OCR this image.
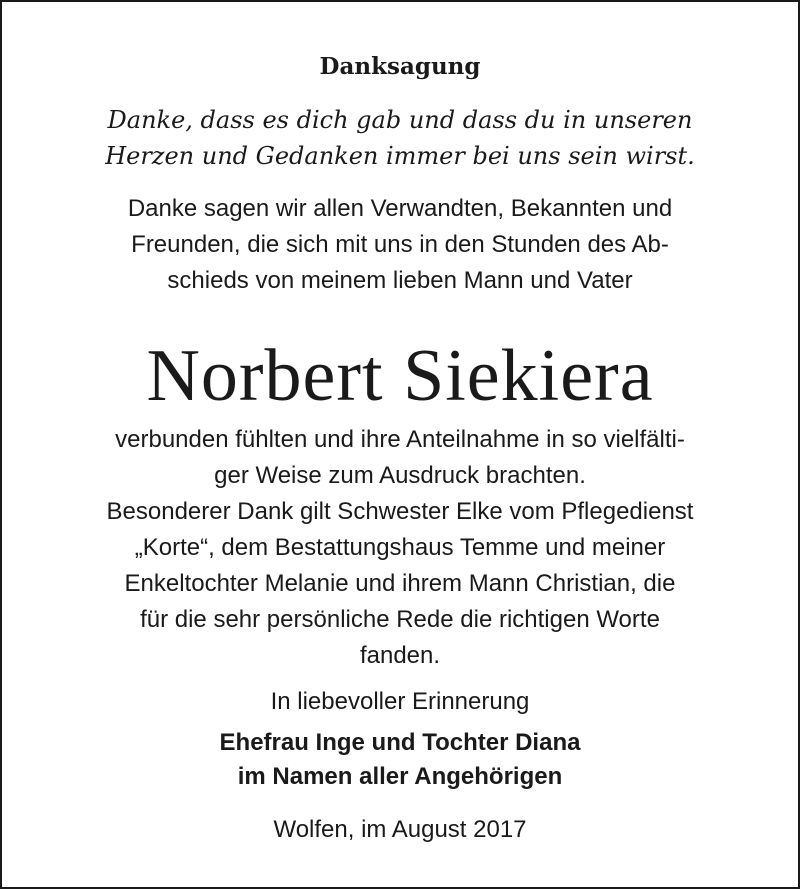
Danksagung
Danke, dass es dich gab und dass du in unseren
Herzen und Gedanken immer bei uns sein wirst.
Danke sagen wir allen Verwandten, Bekannten und
Freunden, die sich mit uns in den Stunden des Ab-
schieds von meinem lieben Mann und Vater
Norbert Siekiera
verbunden fühlten und ihre Anteilnahme in so vielfälti-
ger Weise zum Ausdruck brachten.
Besonderer Dank gilt Schwester Elke vom Pflegedienst
„Korte“, dem Bestattungshaus Temme und meiner
Enkeltochter Melanie und ihrem Mann Christian, die
für die sehr persönliche Rede die richtigen Worte
fanden.
In liebevoller Erinnerung
Ehefrau Inge und Tochter Diana
im Namen aller Angehörigen
Wolfen, im August 2017
